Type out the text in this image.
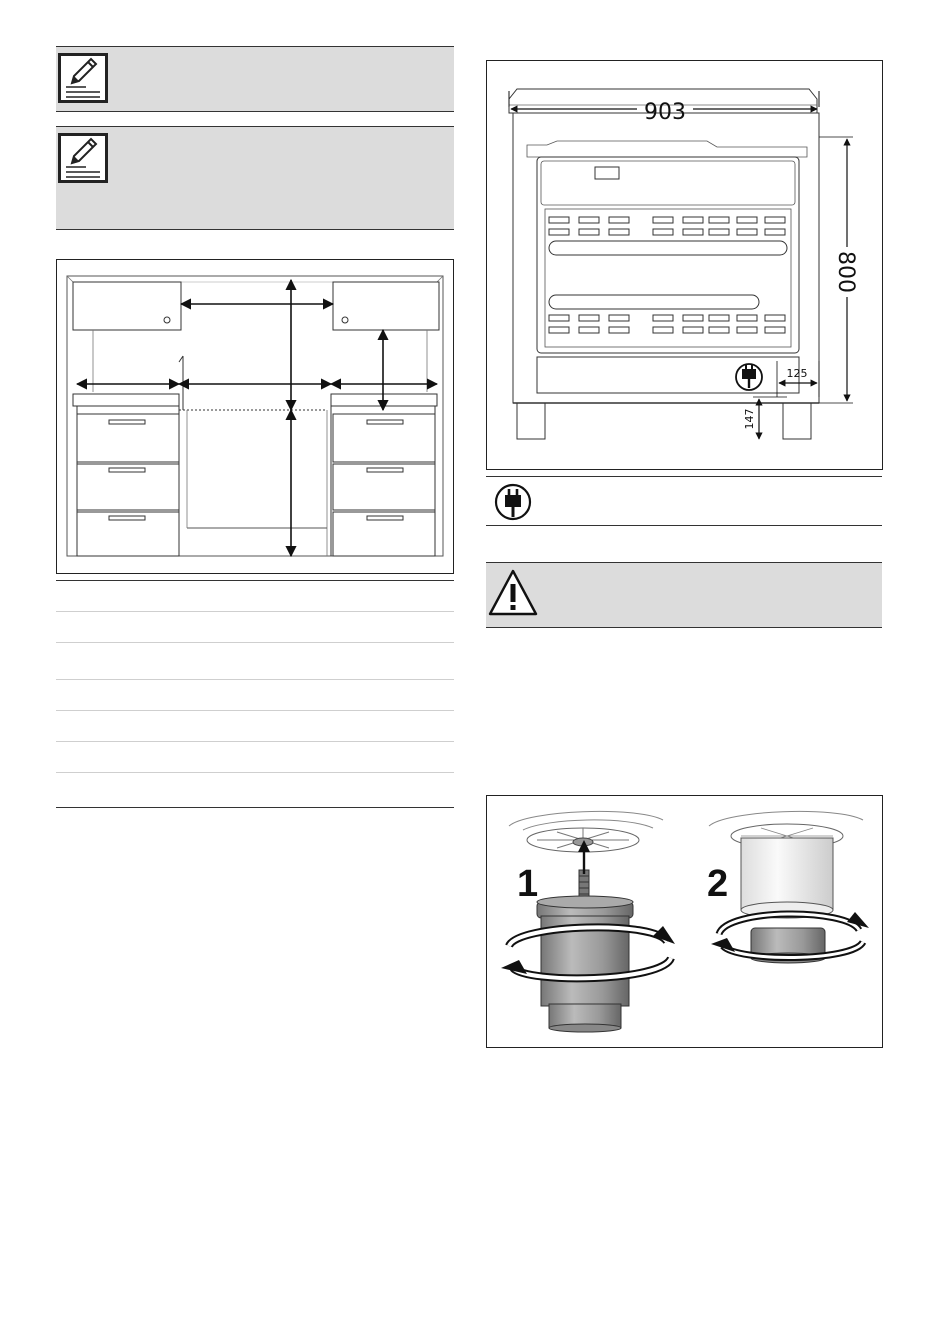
903
800
125
147
1	2
